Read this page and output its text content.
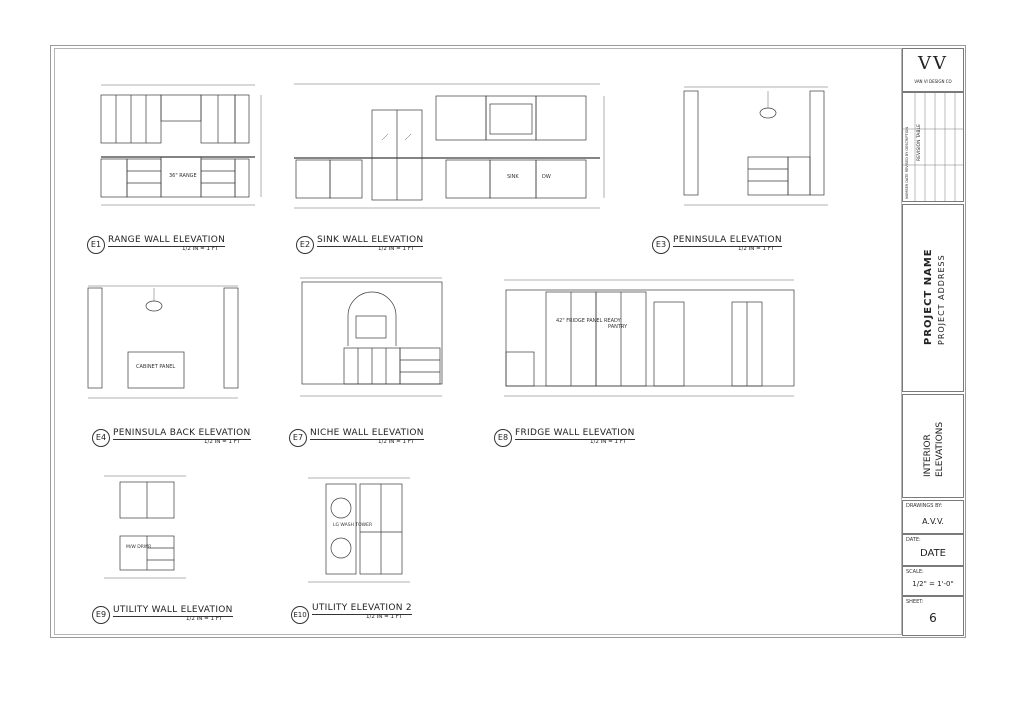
36" RANGE
E1 RANGE WALL ELEVATION
1/2 IN = 1 FT
SINK	DW
E2 SINK WALL ELEVATION
1/2 IN = 1 FT	E3 PENINSULA ELEVATION
1/2 IN = 1 FT
CABINET PANEL
E4 PENINSULA BACK ELEVATION
1/2 IN = 1 FT	E7 NICHE WALL ELEVATION
1/2 IN = 1 FT
42" FRIDGE PANEL READY
PANTRY
E8 FRIDGE WALL ELEVATION
1/2 IN = 1 FT
M/W DRWR
E9 UTILITY WALL ELEVATION
1/2 IN = 1 FT
LG WASH TOWER
E10
UTILITY ELEVATION 2
1/2 IN = 1 FT
VV
VAN VI DESIGN CO
REVISION TABLE
NUMBER DATE REVISED BY DESCRIPTION
PROJECT NAME PROJECT ADDRESS
INTERIOR ELEVATIONS
DRAWINGS BY:
A.V.V.
DATE:
DATE
SCALE:
1/2" = 1'-0"
SHEET:
6
